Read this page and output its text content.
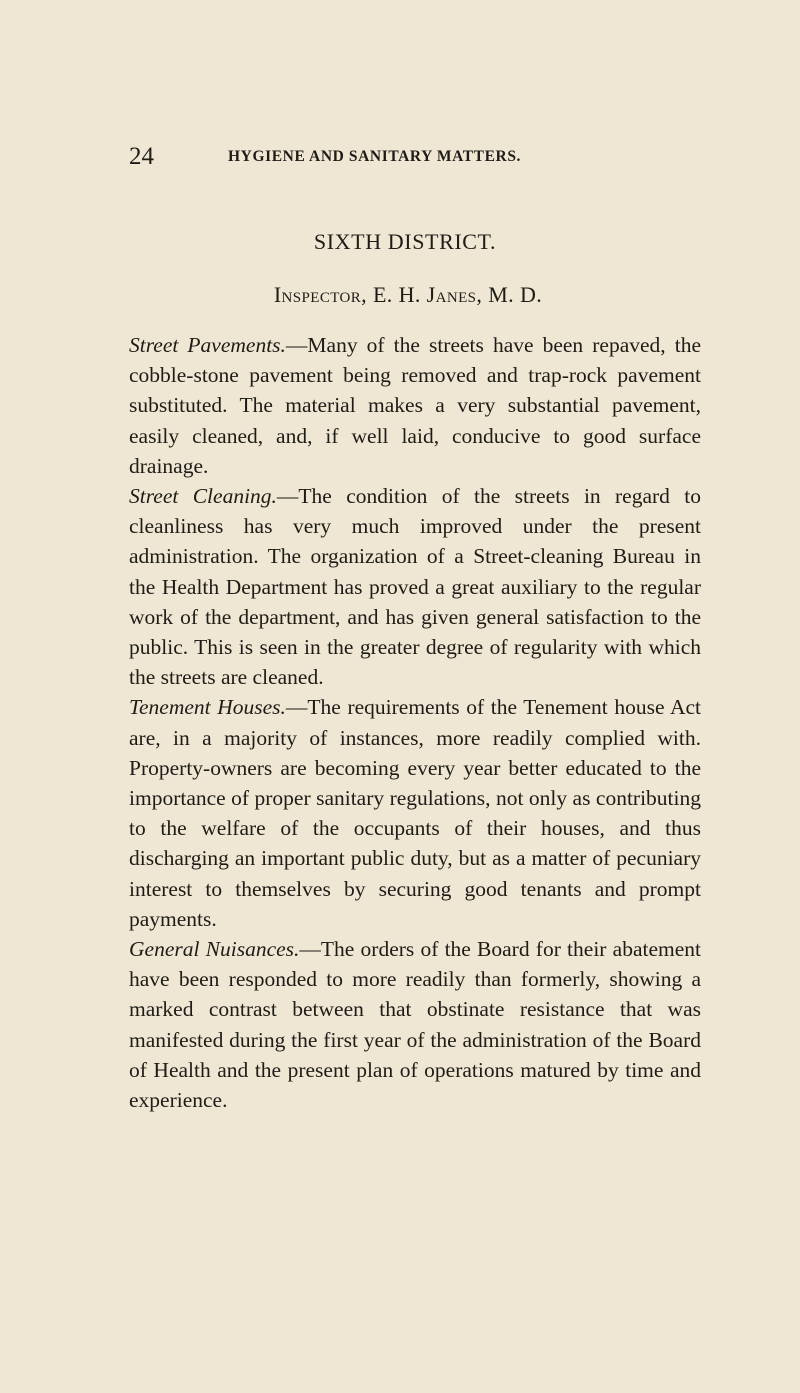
24	HYGIENE AND SANITARY MATTERS.
SIXTH DISTRICT.
Inspector, E. H. Janes, M. D.

Street Pavements.—Many of the streets have been repaved, the cobble-stone pavement being removed and trap-rock pavement substituted. The material makes a very substantial pavement, easily cleaned, and, if well laid, conducive to good surface drainage.

Street Cleaning.—The condition of the streets in regard to cleanliness has very much improved under the present administration. The organization of a Street-cleaning Bureau in the Health Department has proved a great auxiliary to the regular work of the department, and has given general satisfaction to the public. This is seen in the greater degree of regularity with which the streets are cleaned.

Tenement Houses.—The requirements of the Tenement house Act are, in a majority of instances, more readily complied with. Property-owners are becoming every year better educated to the importance of proper sanitary regulations, not only as contributing to the welfare of the occupants of their houses, and thus discharging an important public duty, but as a matter of pecuniary interest to themselves by securing good tenants and prompt payments.

General Nuisances.—The orders of the Board for their abatement have been responded to more readily than formerly, showing a marked contrast between that obstinate resistance that was manifested during the first year of the administration of the Board of Health and the present plan of operations matured by time and experience.
